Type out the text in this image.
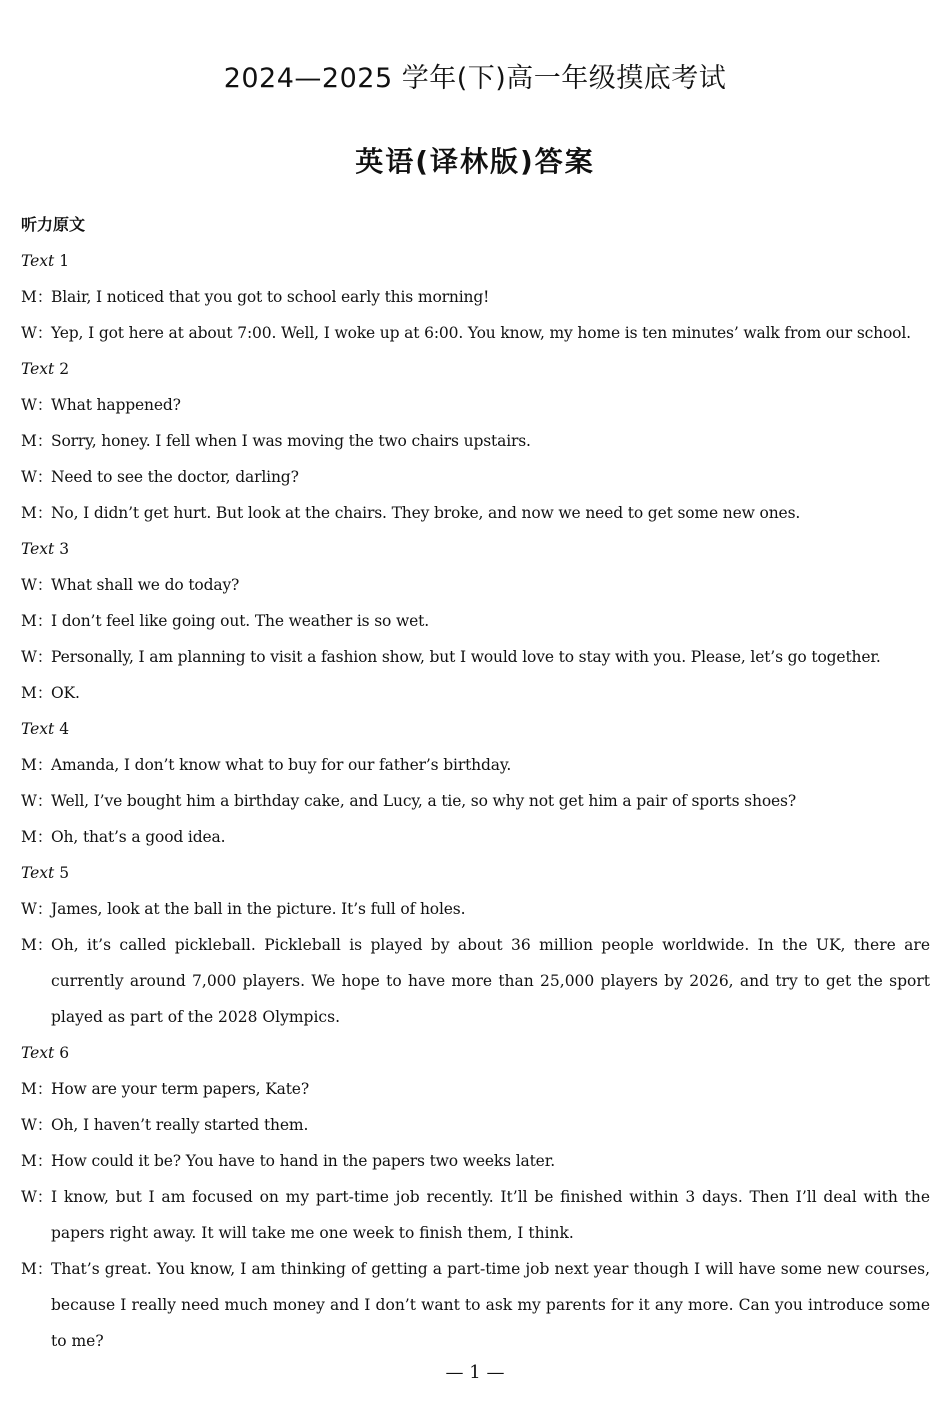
2024—2025 学年(下)高一年级摸底考试
英语(译林版)答案
听力原文
Text 1
M：
Blair, I noticed that you got to school early this morning!
W：
Yep, I got here at about 7:00. Well, I woke up at 6:00. You know, my home is ten minutes’ walk from our school.
Text 2
W：
What happened?
M：
Sorry, honey. I fell when I was moving the two chairs upstairs.
W：
Need to see the doctor, darling?
M：
No, I didn’t get hurt. But look at the chairs. They broke, and now we need to get some new ones.
Text 3
W：
What shall we do today?
M：
I don’t feel like going out. The weather is so wet.
W：
Personally, I am planning to visit a fashion show, but I would love to stay with you. Please, let’s go together.
M：
OK.
Text 4
M：
Amanda, I don’t know what to buy for our father’s birthday.
W：
Well, I’ve bought him a birthday cake, and Lucy, a tie, so why not get him a pair of sports shoes?
M：
Oh, that’s a good idea.
Text 5
W：
James, look at the ball in the picture. It’s full of holes.
M：
Oh, it’s called pickleball. Pickleball is played by about 36 million people worldwide. In the UK, there are currently around 7,000 players. We hope to have more than 25,000 players by 2026, and try to get the sport played as part of the 2028 Olympics.
Text 6
M：
How are your term papers, Kate?
W：
Oh, I haven’t really started them.
M：
How could it be? You have to hand in the papers two weeks later.
W：
I know, but I am focused on my part-time job recently. It’ll be finished within 3 days. Then I’ll deal with the papers right away. It will take me one week to finish them, I think.
M：
That’s great. You know, I am thinking of getting a part-time job next year though I will have some new courses, because I really need much money and I don’t want to ask my parents for it any more. Can you introduce some to me?
— 1 —
